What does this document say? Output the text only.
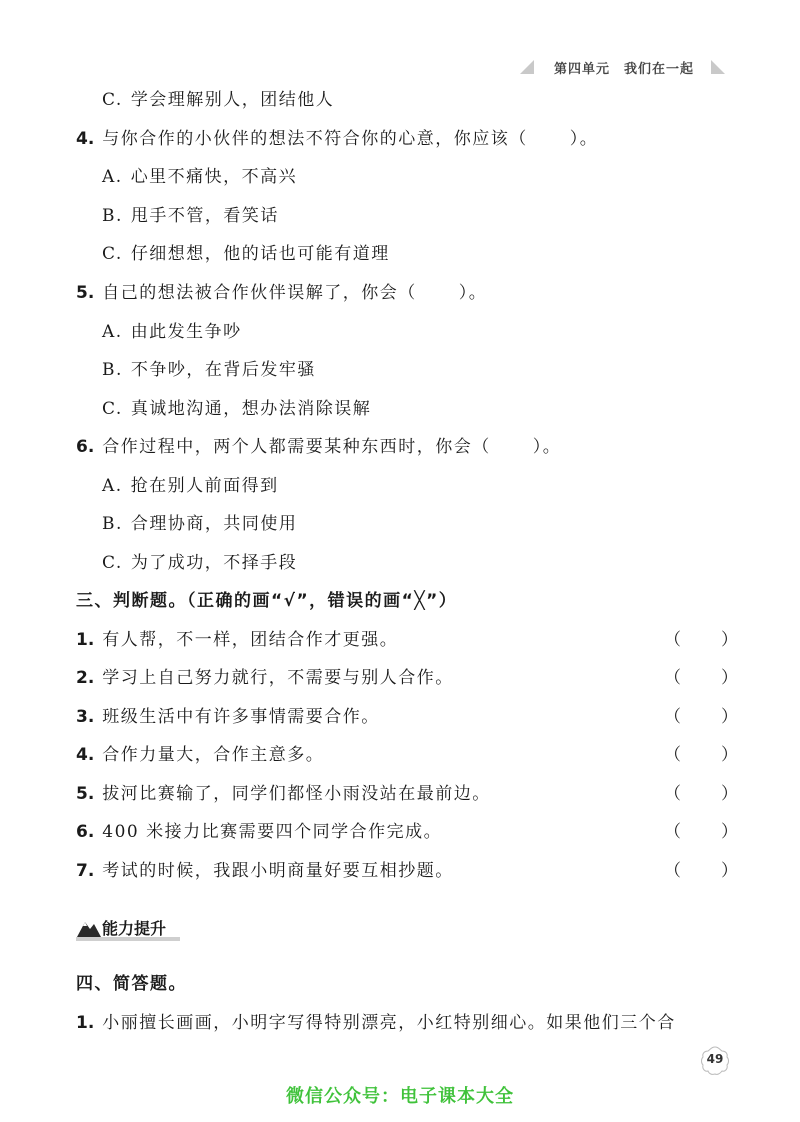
第四单元　我们在一起
C. 学会理解别人，团结他人
4. 与你合作的小伙伴的想法不符合你的心意，你应该（ ）。
A. 心里不痛快，不高兴
B. 甩手不管，看笑话
C. 仔细想想，他的话也可能有道理
5. 自己的想法被合作伙伴误解了，你会（ ）。
A. 由此发生争吵
B. 不争吵，在背后发牢骚
C. 真诚地沟通，想办法消除误解
6. 合作过程中，两个人都需要某种东西时，你会（ ）。
A. 抢在别人前面得到
B. 合理协商，共同使用
C. 为了成功，不择手段
三、判断题。（正确的画“√”，错误的画“╳”）
1. 有人帮，不一样，团结合作才更强。	（ ）
2. 学习上自己努力就行，不需要与别人合作。	（ ）
3. 班级生活中有许多事情需要合作。	（ ）
4. 合作力量大，合作主意多。	（ ）
5. 拔河比赛输了，同学们都怪小雨没站在最前边。	（ ）
6. 400 米接力比赛需要四个同学合作完成。	（ ）
7. 考试的时候，我跟小明商量好要互相抄题。	（ ）
能力提升
四、简答题。
1. 小丽擅长画画，小明字写得特别漂亮，小红特别细心。如果他们三个合
49
微信公众号：电子课本大全
